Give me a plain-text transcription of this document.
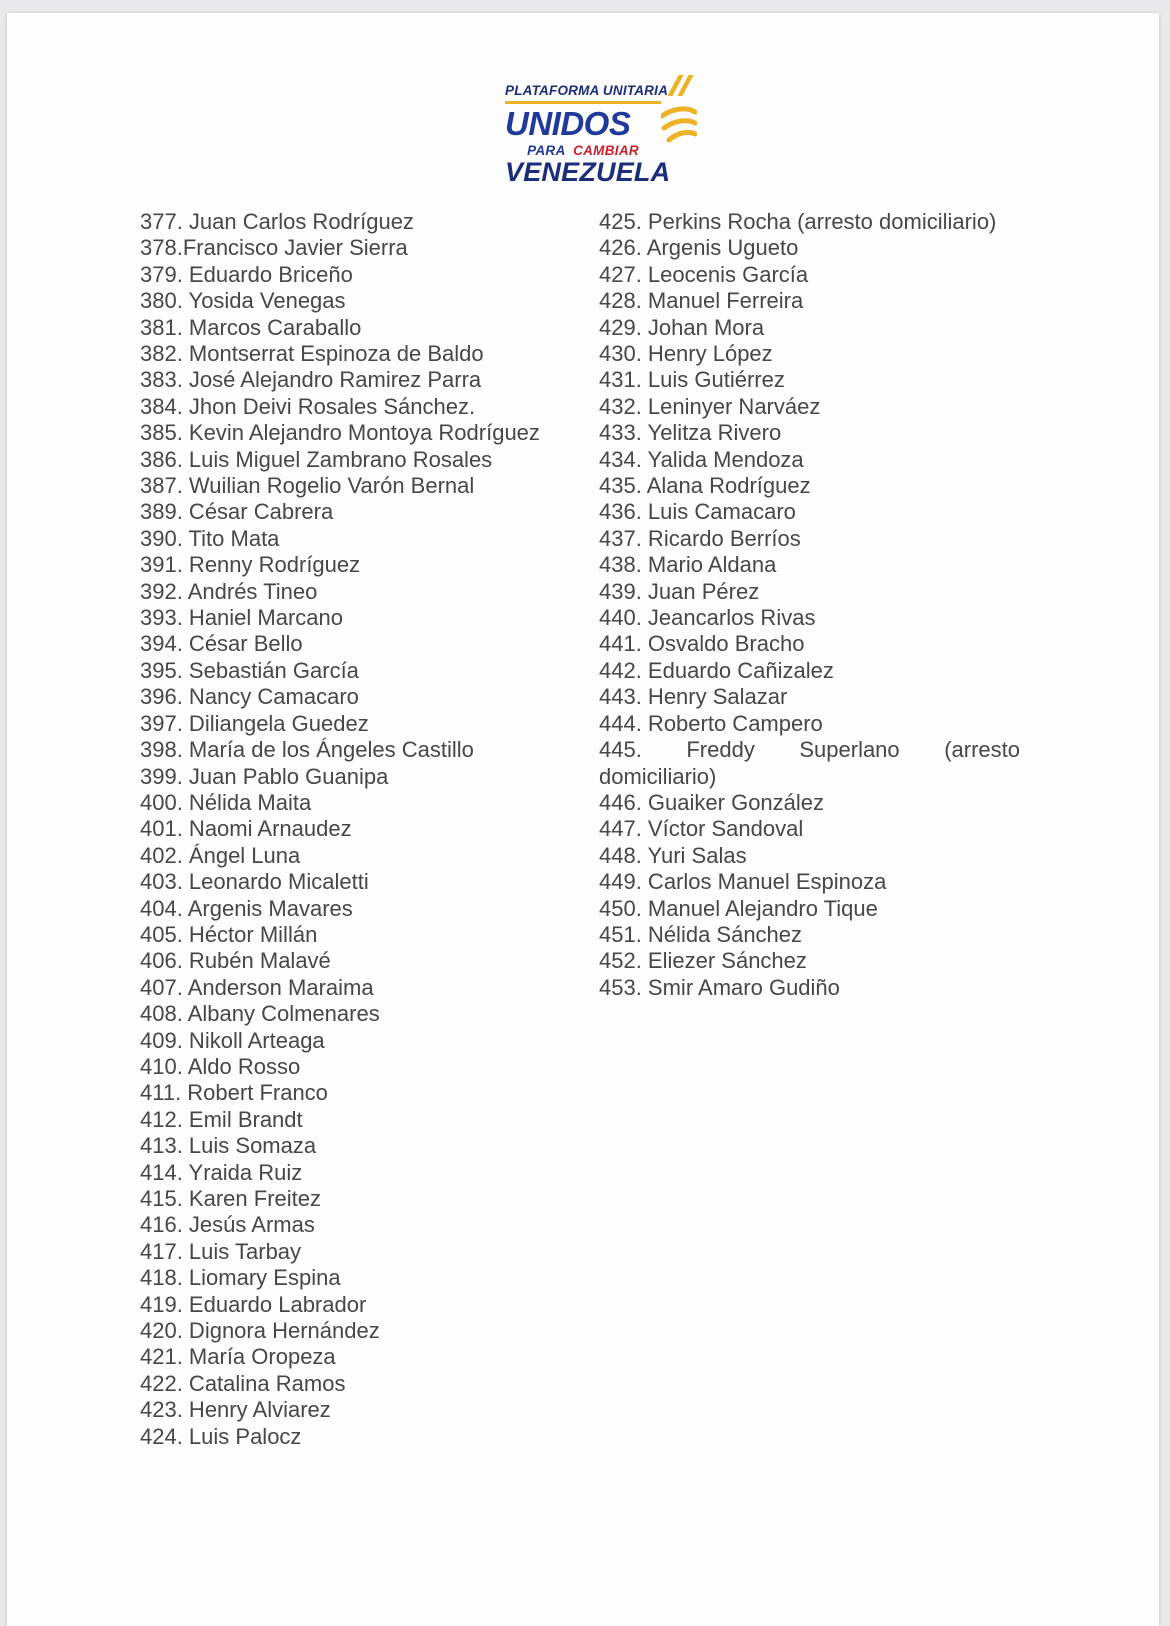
PLATAFORMA UNITARIA
UNIDOS
PARA CAMBIAR
VENEZUELA

377. Juan Carlos Rodríguez

378.Francisco Javier Sierra

379. Eduardo Briceño

380. Yosida Venegas

381. Marcos Caraballo

382. Montserrat Espinoza de Baldo

383. José Alejandro Ramirez Parra

384. Jhon Deivi Rosales Sánchez.

385. Kevin Alejandro Montoya Rodríguez

386. Luis Miguel Zambrano Rosales

387. Wuilian Rogelio Varón Bernal

389. César Cabrera

390. Tito Mata

391. Renny Rodríguez

392. Andrés Tineo

393. Haniel Marcano

394. César Bello

395. Sebastián García

396. Nancy Camacaro

397. Diliangela Guedez

398. María de los Ángeles Castillo

399. Juan Pablo Guanipa

400. Nélida Maita

401. Naomi Arnaudez

402. Ángel Luna

403. Leonardo Micaletti

404. Argenis Mavares

405. Héctor Millán

406. Rubén Malavé

407. Anderson Maraima

408. Albany Colmenares

409. Nikoll Arteaga

410. Aldo Rosso

411. Robert Franco

412. Emil Brandt

413. Luis Somaza

414. Yraida Ruiz

415. Karen Freitez

416. Jesús Armas

417. Luis Tarbay

418. Liomary Espina

419. Eduardo Labrador

420. Dignora Hernández

421. María Oropeza

422. Catalina Ramos

423. Henry Alviarez

424. Luis Palocz

425. Perkins Rocha (arresto domiciliario)

426. Argenis Ugueto

427. Leocenis García

428. Manuel Ferreira

429. Johan Mora

430. Henry López

431. Luis Gutiérrez

432. Leninyer Narváez

433. Yelitza Rivero

434. Yalida Mendoza

435. Alana Rodríguez

436. Luis Camacaro

437. Ricardo Berríos

438. Mario Aldana

439. Juan Pérez

440. Jeancarlos Rivas

441. Osvaldo Bracho

442. Eduardo Cañizalez

443. Henry Salazar

444. Roberto Campero

445. Freddy Superlano (arresto domiciliario)

446. Guaiker González

447. Víctor Sandoval

448. Yuri Salas

449. Carlos Manuel Espinoza

450. Manuel Alejandro Tique

451. Nélida Sánchez

452. Eliezer Sánchez

453. Smir Amaro Gudiño
